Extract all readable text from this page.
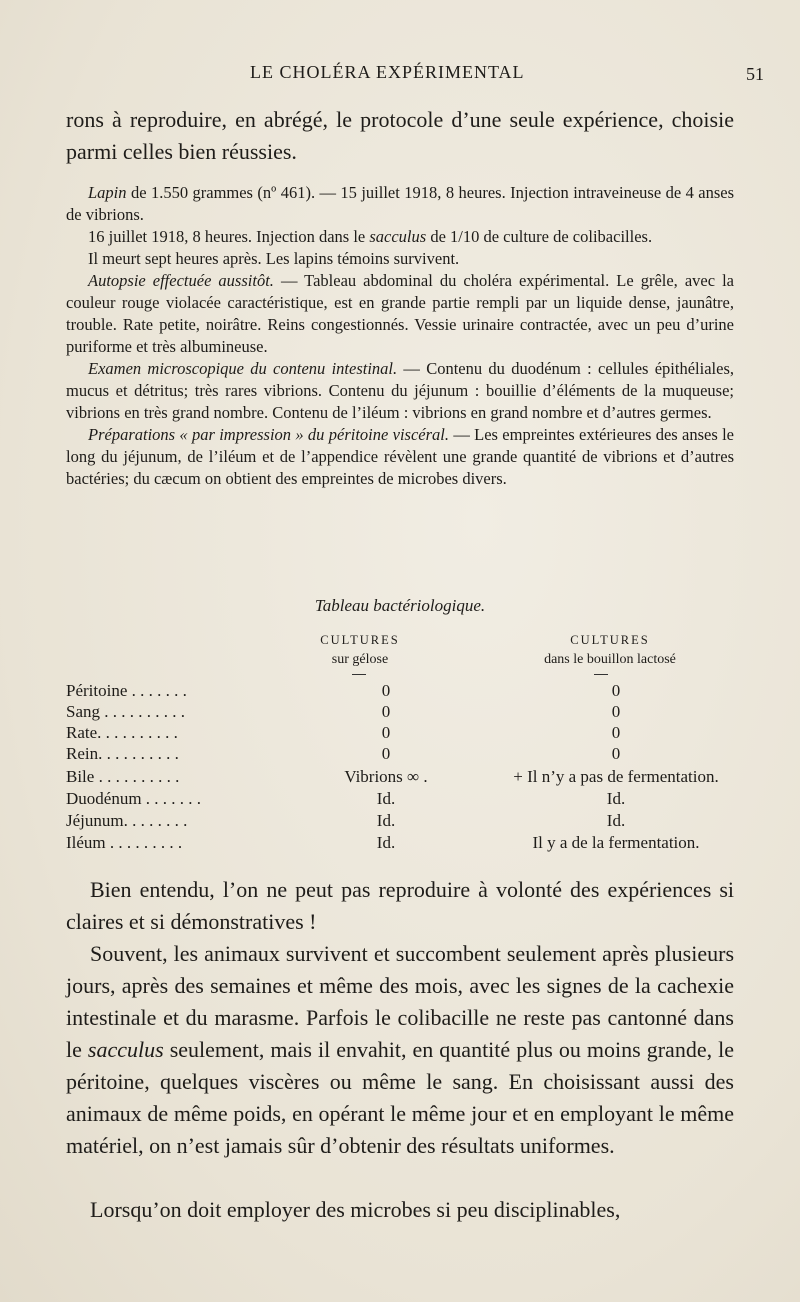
LE CHOLÉRA EXPÉRIMENTAL	51
rons à reproduire, en abrégé, le protocole d’une seule expérience, choisie parmi celles bien réussies.

Lapin de 1.550 grammes (nº 461). — 15 juillet 1918, 8 heures. Injection intraveineuse de 4 anses de vibrions.

16 juillet 1918, 8 heures. Injection dans le sacculus de 1/10 de culture de colibacilles.

Il meurt sept heures après. Les lapins témoins survivent.

Autopsie effectuée aussitôt. — Tableau abdominal du choléra expérimental. Le grêle, avec la couleur rouge violacée caractéristique, est en grande partie rempli par un liquide dense, jaunâtre, trouble. Rate petite, noirâtre. Reins congestionnés. Vessie urinaire contractée, avec un peu d’urine puriforme et très albumineuse.

Examen microscopique du contenu intestinal. — Contenu du duodénum : cellules épithéliales, mucus et détritus; très rares vibrions. Contenu du jéjunum : bouillie d’éléments de la muqueuse; vibrions en très grand nombre. Contenu de l’iléum : vibrions en grand nombre et d’autres germes.

Préparations « par impression » du péritoine viscéral. — Les empreintes extérieures des anses le long du jéjunum, de l’iléum et de l’appendice révèlent une grande quantité de vibrions et d’autres bactéries; du cæcum on obtient des empreintes de microbes divers.

Tableau bactériologique.
CULTURES
sur gélose
CULTURES
dans le bouillon lactosé
Péritoine . . . . . . .	0	0
Sang . . . . . . . . . .	0	0
Rate. . . . . . . . . .	0	0
Rein. . . . . . . . . .	0	0
Bile . . . . . . . . . .	Vibrions ∞ .	+ Il n’y a pas de fermentation.
Duodénum . . . . . . .	Id.	Id.
Jéjunum. . . . . . . .	Id.	Id.
Iléum . . . . . . . . .	Id.	Il y a de la fermentation.
Bien entendu, l’on ne peut pas reproduire à volonté des expériences si claires et si démonstratives !
Souvent, les animaux survivent et succombent seulement après plusieurs jours, après des semaines et même des mois, avec les signes de la cachexie intestinale et du marasme. Parfois le colibacille ne reste pas cantonné dans le sacculus seulement, mais il envahit, en quantité plus ou moins grande, le péritoine, quelques viscères ou même le sang. En choisissant aussi des animaux de même poids, en opérant le même jour et en employant le même matériel, on n’est jamais sûr d’obtenir des résultats uniformes.
Lorsqu’on doit employer des microbes si peu disciplinables,
